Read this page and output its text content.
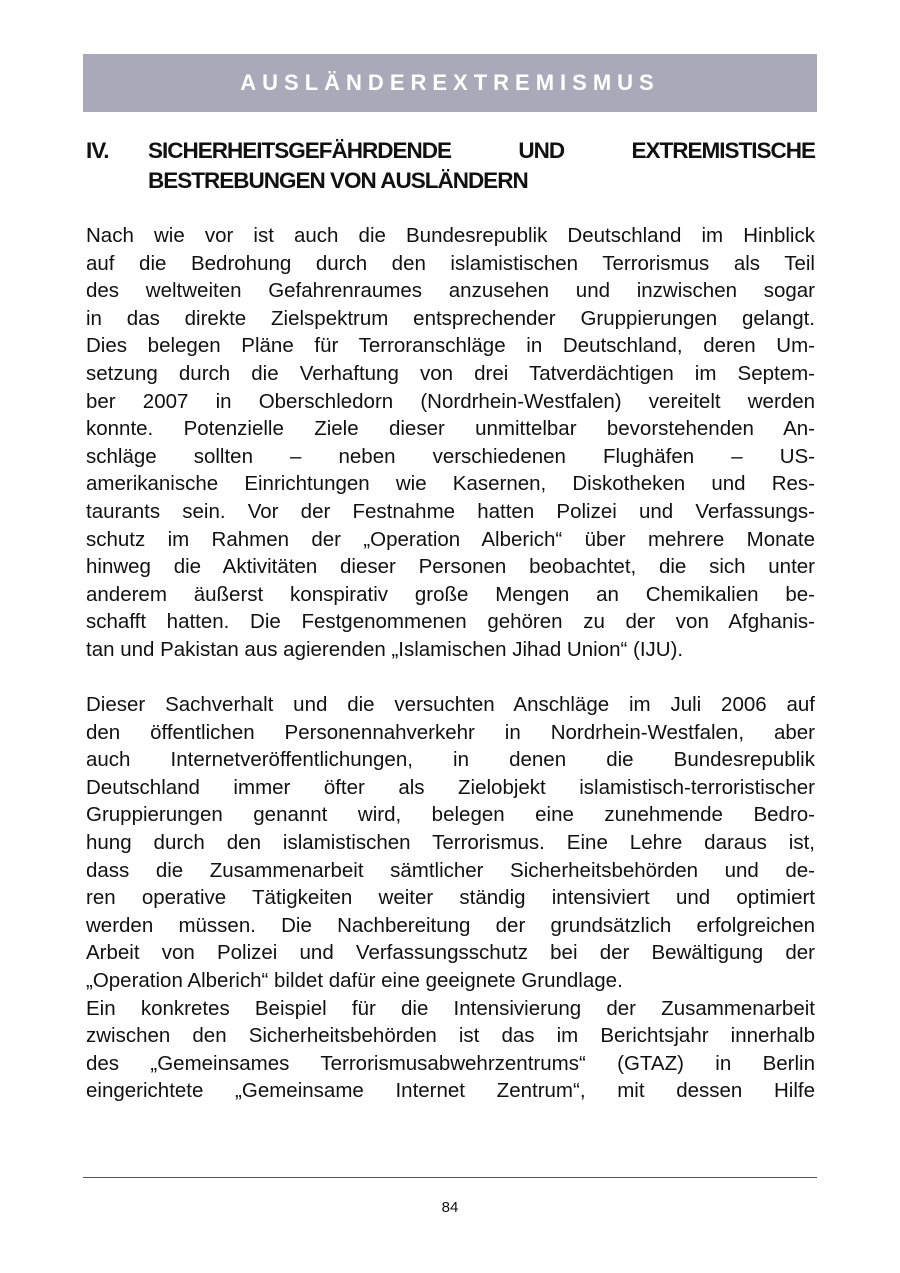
AUSLÄNDEREXTREMISMUS
IV. SICHERHEITSGEFÄHRDENDE UND EXTREMISTISCHE BESTREBUNGEN VON AUSLÄNDERN

Nach wie vor ist auch die Bundesrepublik Deutschland im Hinblick
auf die Bedrohung durch den islamistischen Terrorismus als Teil
des weltweiten Gefahrenraumes anzusehen und inzwischen sogar
in das direkte Zielspektrum entsprechender Gruppierungen gelangt.
Dies belegen Pläne für Terroranschläge in Deutschland, deren Um-
setzung durch die Verhaftung von drei Tatverdächtigen im Septem-
ber 2007 in Oberschledorn (Nordrhein-Westfalen) vereitelt werden
konnte. Potenzielle Ziele dieser unmittelbar bevorstehenden An-
schläge sollten – neben verschiedenen Flughäfen – US-
amerikanische Einrichtungen wie Kasernen, Diskotheken und Res-
taurants sein. Vor der Festnahme hatten Polizei und Verfassungs-
schutz im Rahmen der „Operation Alberich“ über mehrere Monate
hinweg die Aktivitäten dieser Personen beobachtet, die sich unter
anderem äußerst konspirativ große Mengen an Chemikalien be-
schafft hatten. Die Festgenommenen gehören zu der von Afghanis-
tan und Pakistan aus agierenden „Islamischen Jihad Union“ (IJU).

Dieser Sachverhalt und die versuchten Anschläge im Juli 2006 auf
den öffentlichen Personennahverkehr in Nordrhein-Westfalen, aber
auch Internetveröffentlichungen, in denen die Bundesrepublik
Deutschland immer öfter als Zielobjekt islamistisch-terroristischer
Gruppierungen genannt wird, belegen eine zunehmende Bedro-
hung durch den islamistischen Terrorismus. Eine Lehre daraus ist,
dass die Zusammenarbeit sämtlicher Sicherheitsbehörden und de-
ren operative Tätigkeiten weiter ständig intensiviert und optimiert
werden müssen. Die Nachbereitung der grundsätzlich erfolgreichen
Arbeit von Polizei und Verfassungsschutz bei der Bewältigung der
„Operation Alberich“ bildet dafür eine geeignete Grundlage.

Ein konkretes Beispiel für die Intensivierung der Zusammenarbeit
zwischen den Sicherheitsbehörden ist das im Berichtsjahr innerhalb
des „Gemeinsames Terrorismusabwehrzentrums“ (GTAZ) in Berlin
eingerichtete „Gemeinsame Internet Zentrum“, mit dessen Hilfe

84
